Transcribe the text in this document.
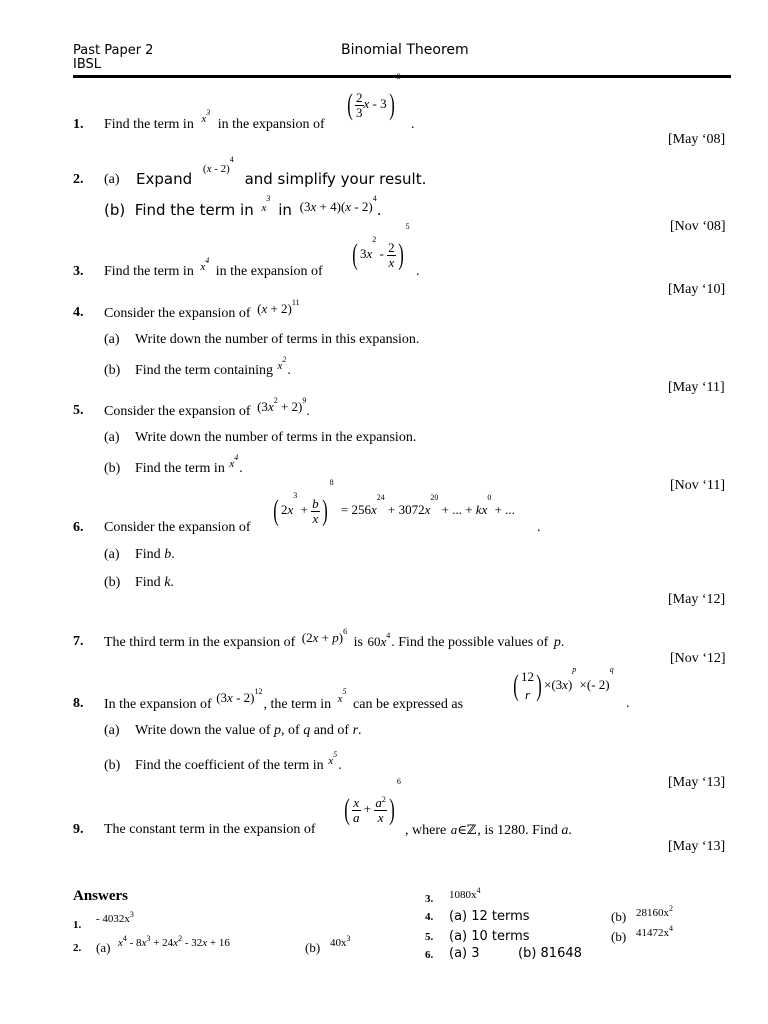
Past Paper 2
IBSL
Binomial Theorem
1. Find the term in $^{x^3}$ in the expansion of
( $\frac{2}{3}$ x - 3)$^8$
.
[May ‘08]
2. (a) Expand $^{(x - 2)^4}$ and simplify your result.
(b) Find the term in $^{x^3}$ in (3x + 4)(x - 2)$^4$.
[Nov ‘08]
3. Find the term in $^{x^4}$ in the expansion of
( $3x^2 - \frac{2}{x} )^5$
.
[May ‘10]
4. Consider the expansion of $(x + 2)^{11}$
(a) Write down the number of terms in this expansion.
(b) Find the term containing $^{x^2}$.
[May ‘11]
5. Consider the expansion of $(3x^2 + 2)^9$.
(a) Write down the number of terms in the expansion.
(b) Find the term in $^{x^4}$.
[Nov ‘11]
6. Consider the expansion of
( $2x^3 + \frac{b}{x} )^8 = 256x^{24} + 3072x^{20}$ + ... + $kx^0$ + ...
.
(a) Find b.
(b) Find k.
[May ‘12]
7. The third term in the expansion of $(2x + p)^6$ is $60x^4$. Find the possible values of p.
[Nov ‘12]
8. In the expansion of (3x - 2)$^{12}$, the term in $^{x^5}$ can be expressed as
( 12
r ) $\times(3x)^p$ ×(- 2)$^q$
.
(a) Write down the value of p, of q and of r.
(b) Find the coefficient of the term in $^{x^5}$.
[May ‘13]
9. The constant term in the expansion of
( $\frac{x}{a} + \frac{a^2}{x} )^6$
, where a∈ℤ, is 1280. Find a.
[May ‘13]
Answers
1. - $4032x^3$
2. (a) $x^4 - 8x^3 + 24x^2 - 32x + 16$	(b) $40x^3$
3. $1080x^4$
4. (a) 12 terms	(b) $28160x^2$
5. (a) 10 terms	(b) $41472x^4$
6. (a) 3	(b) 81648
